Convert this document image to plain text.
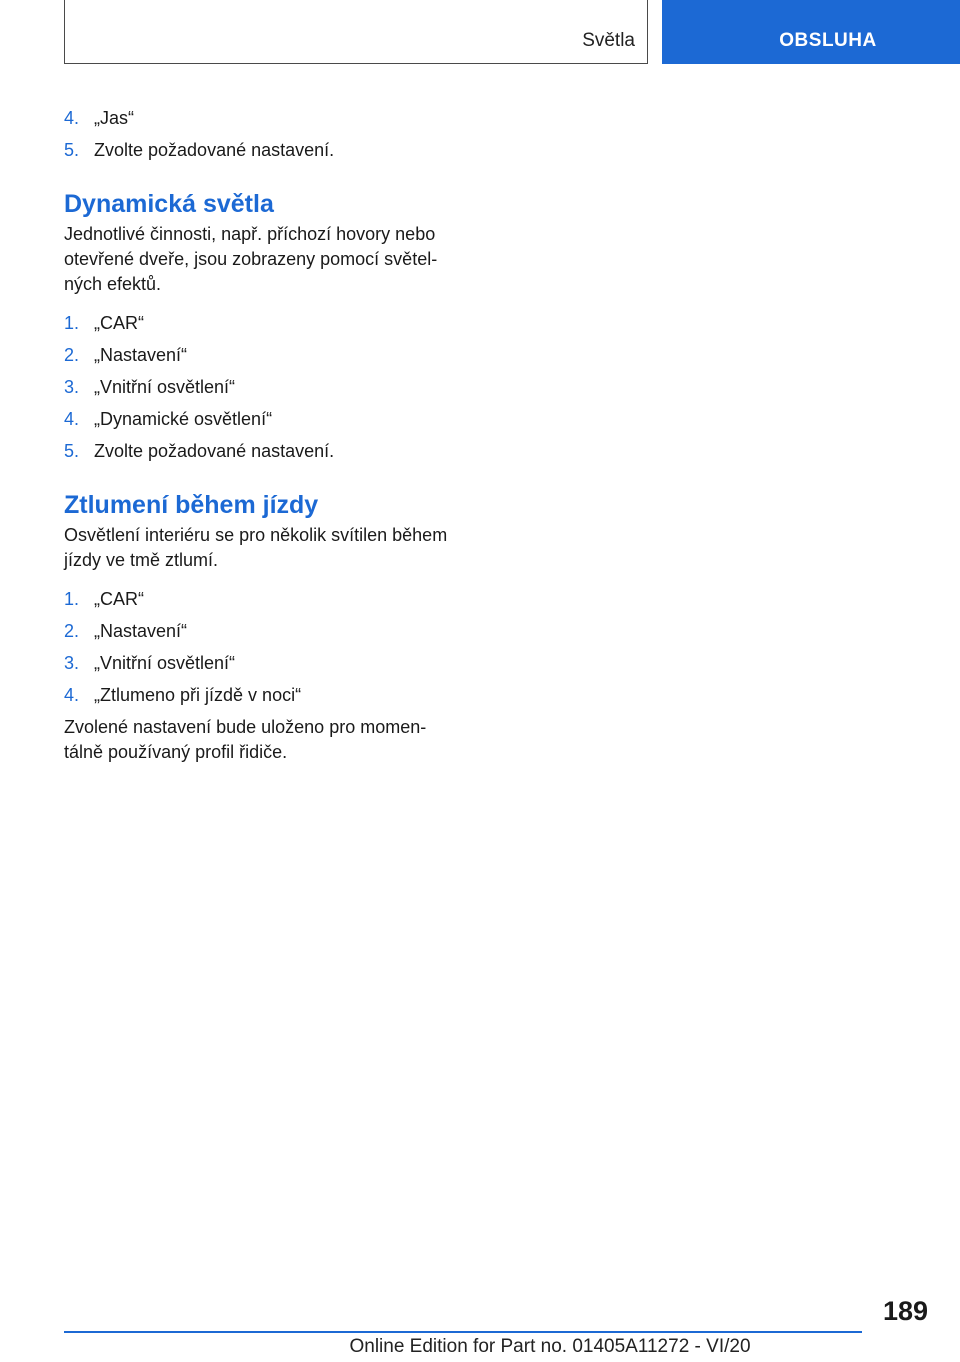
Světla	OBSLUHA
4. „Jas“
5. Zvolte požadované nastavení.
Dynamická světla

Jednotlivé činnosti, např. příchozí hovory nebo
otevřené dveře, jsou zobrazeny pomocí světel‐
ných efektů.

1. „CAR“
2. „Nastavení“
3. „Vnitřní osvětlení“
4. „Dynamické osvětlení“
5. Zvolte požadované nastavení.
Ztlumení během jízdy

Osvětlení interiéru se pro několik svítilen během
jízdy ve tmě ztlumí.

1. „CAR“
2. „Nastavení“
3. „Vnitřní osvětlení“
4. „Ztlumeno při jízdě v noci“

Zvolené nastavení bude uloženo pro momen‐
tálně používaný profil řidiče.

189
Online Edition for Part no. 01405A11272 - VI/20
